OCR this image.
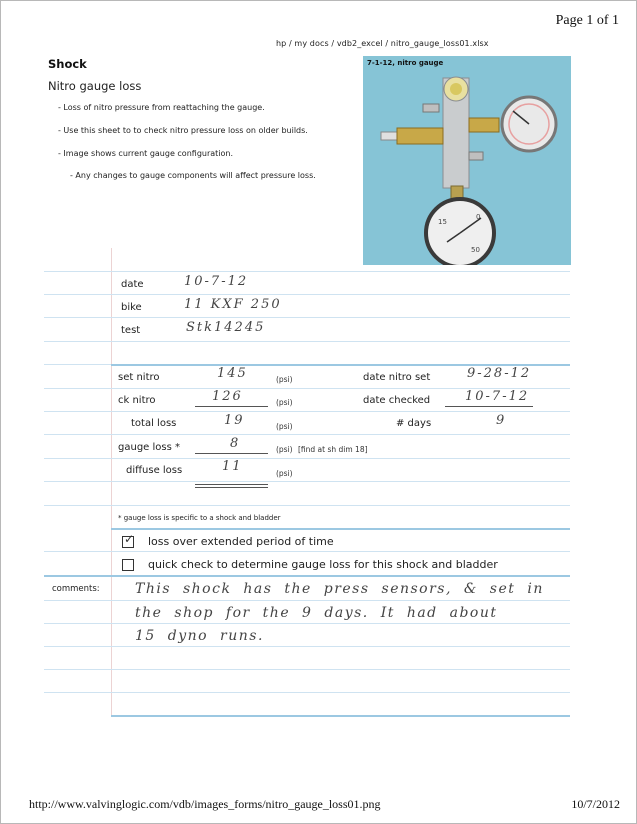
Page 1 of 1
hp / my docs / vdb2_excel / nitro_gauge_loss01.xlsx
Shock
Nitro gauge loss
- Loss of nitro pressure from reattaching the gauge.
- Use this sheet to to check nitro pressure loss on older builds.
- Image shows current gauge configuration.
- Any changes to gauge components will affect pressure loss.
7-1-12, nitro gauge
0
15
50
date	10-7-12
bike	11 KXF 250
test	Stk14245
set nitro	145	(psi)
ck nitro	126	(psi)
total loss	19	(psi)
gauge loss *	8	(psi) [find at sh dim 18]
diffuse loss	11	(psi)
date nitro set	9-28-12
date checked	10-7-12
# days	9
* gauge loss is specific to a shock and bladder
✓ loss over extended period of time
quick check to determine gauge loss for this shock and bladder
comments:	This shock has the press sensors, & set in
the shop for the 9 days. It had about
15 dyno runs.
http://www.valvinglogic.com/vdb/images_forms/nitro_gauge_loss01.png	10/7/2012
